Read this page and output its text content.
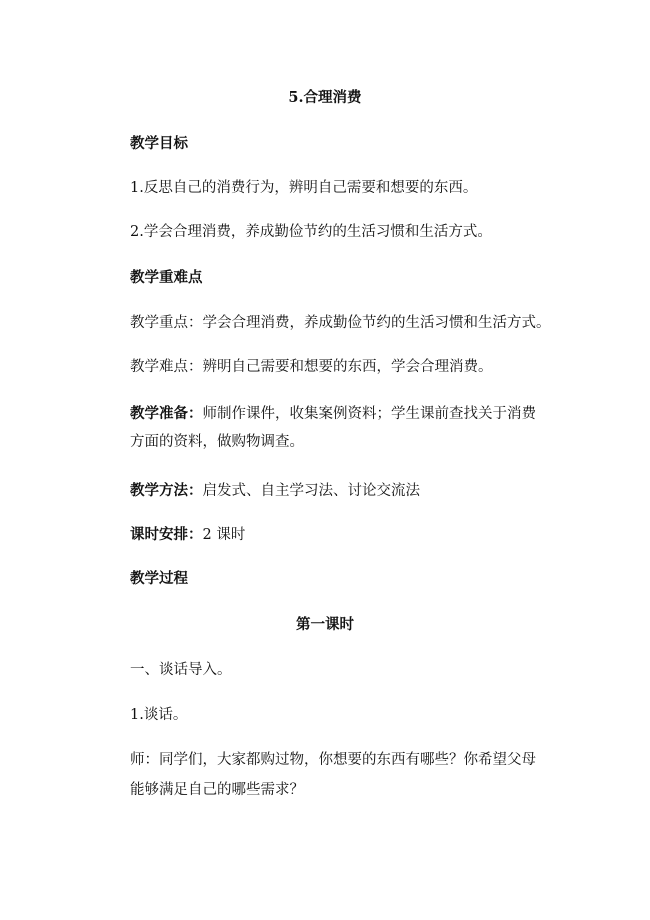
5.合理消费
教学目标
1.反思自己的消费行为，辨明自己需要和想要的东西。
2.学会合理消费，养成勤俭节约的生活习惯和生活方式。
教学重难点
教学重点：学会合理消费，养成勤俭节约的生活习惯和生活方式。
教学难点：辨明自己需要和想要的东西，学会合理消费。
教学准备：师制作课件，收集案例资料；学生课前查找关于消费
方面的资料，做购物调查。
教学方法：启发式、自主学习法、讨论交流法
课时安排：2 课时
教学过程
第一课时
一、谈话导入。
1.谈话。
师：同学们，大家都购过物，你想要的东西有哪些？你希望父母
能够满足自己的哪些需求？
